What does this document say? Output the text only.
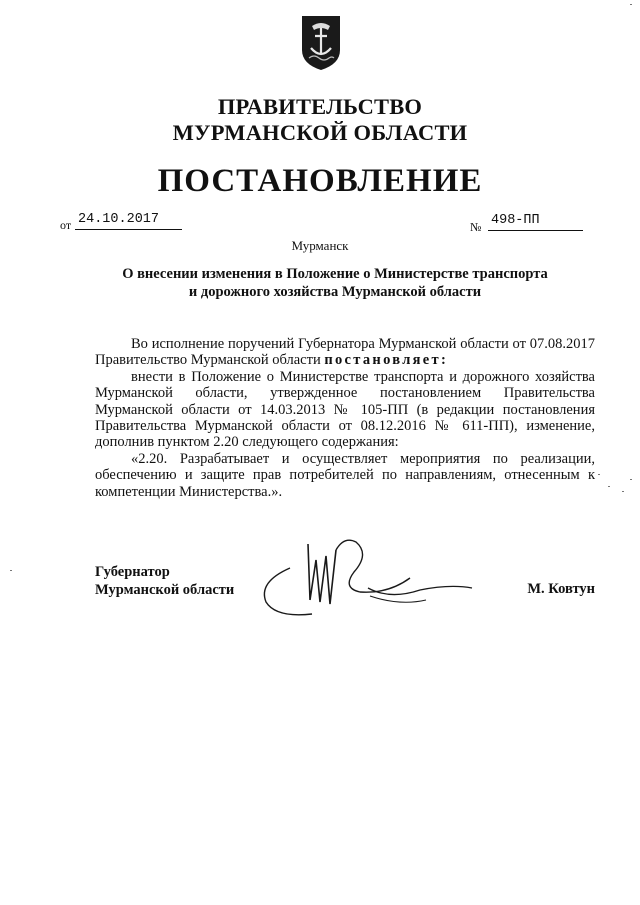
ПРАВИТЕЛЬСТВО
МУРМАНСКОЙ ОБЛАСТИ
ПОСТАНОВЛЕНИЕ
от 24.10.2017	№ 498-ПП
Мурманск
О внесении изменения в Положение о Министерстве транспорта
и дорожного хозяйства Мурманской области

Во исполнение поручений Губернатора Мурманской области от 07.08.2017 Правительство Мурманской области постановляет:

внести в Положение о Министерстве транспорта и дорожного хозяйства Мурманской области, утвержденное постановлением Правительства Мурманской области от 14.03.2013 № 105-ПП (в редакции постановления Правительства Мурманской области от 08.12.2016 № 611-ПП), изменение, дополнив пунктом 2.20 следующего содержания:

«2.20. Разрабатывает и осуществляет мероприятия по реализации, обеспечению и защите прав потребителей по направлениям, отнесенным к компетенции Министерства.».

Губернатор
Мурманской области	М. Ковтун
